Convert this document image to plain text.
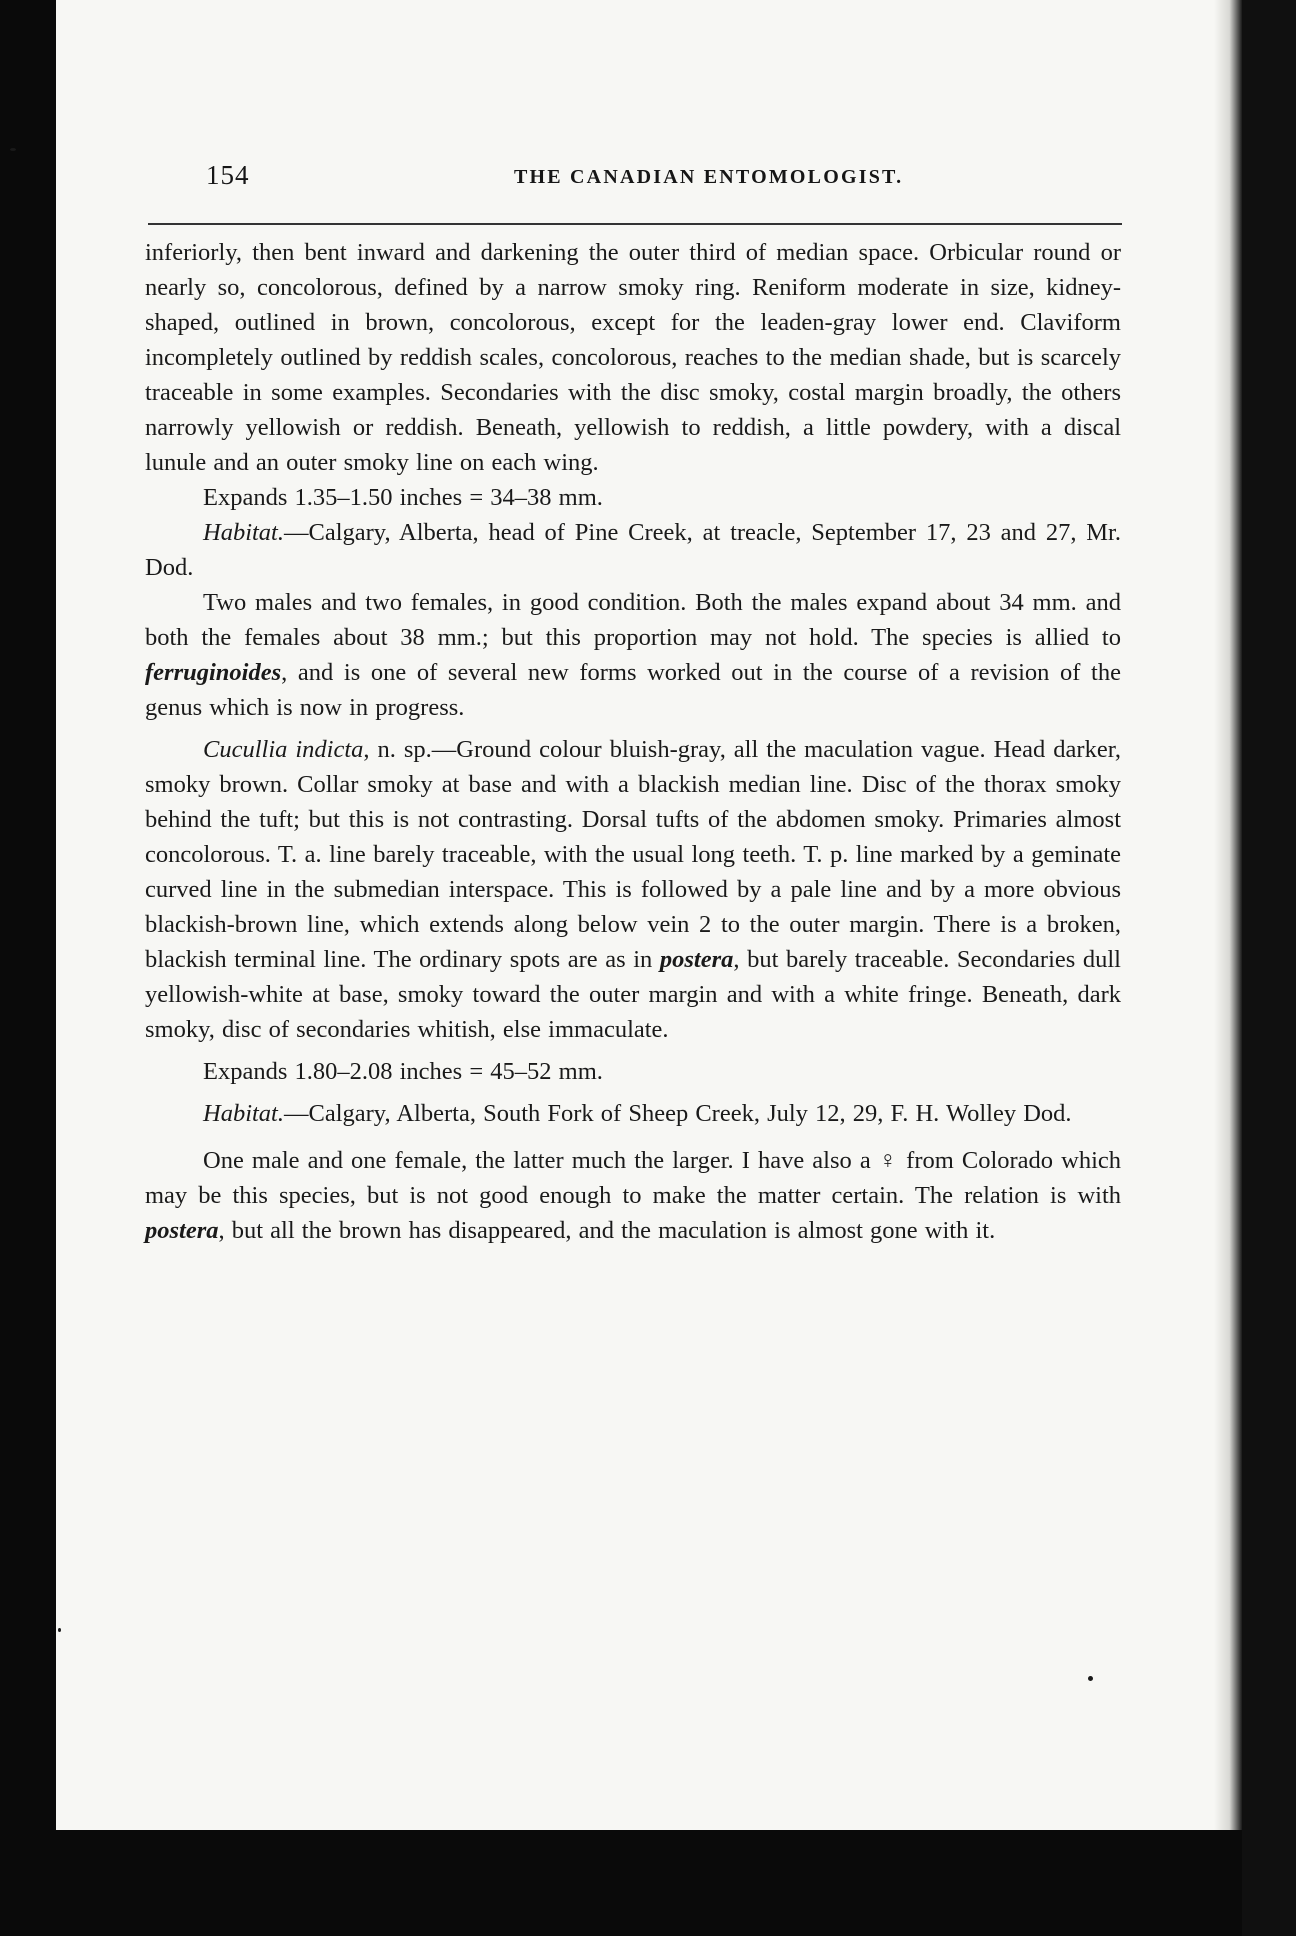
154	THE CANADIAN ENTOMOLOGIST.

inferiorly, then bent inward and darkening the outer third of median space. Orbicular round or nearly so, concolorous, defined by a narrow smoky ring. Reniform moderate in size, kidney-shaped, outlined in brown, concolorous, except for the leaden-gray lower end. Claviform incompletely outlined by reddish scales, concolorous, reaches to the median shade, but is scarcely traceable in some examples. Secondaries with the disc smoky, costal margin broadly, the others narrowly yellowish or reddish. Beneath, yellowish to reddish, a little powdery, with a discal lunule and an outer smoky line on each wing.

Expands 1.35–1.50 inches = 34–38 mm.

Habitat.—Calgary, Alberta, head of Pine Creek, at treacle, September 17, 23 and 27, Mr. Dod.

Two males and two females, in good condition. Both the males expand about 34 mm. and both the females about 38 mm.; but this proportion may not hold. The species is allied to ferruginoides, and is one of several new forms worked out in the course of a revision of the genus which is now in progress.

Cucullia indicta, n. sp.—Ground colour bluish-gray, all the maculation vague. Head darker, smoky brown. Collar smoky at base and with a blackish median line. Disc of the thorax smoky behind the tuft; but this is not contrasting. Dorsal tufts of the abdomen smoky. Primaries almost concolorous. T. a. line barely traceable, with the usual long teeth. T. p. line marked by a geminate curved line in the submedian interspace. This is followed by a pale line and by a more obvious blackish-brown line, which extends along below vein 2 to the outer margin. There is a broken, blackish terminal line. The ordinary spots are as in postera, but barely traceable. Secondaries dull yellowish-white at base, smoky toward the outer margin and with a white fringe. Beneath, dark smoky, disc of secondaries whitish, else immaculate.

Expands 1.80–2.08 inches = 45–52 mm.

Habitat.—Calgary, Alberta, South Fork of Sheep Creek, July 12, 29, F. H. Wolley Dod.

One male and one female, the latter much the larger. I have also a ♀ from Colorado which may be this species, but is not good enough to make the matter certain. The relation is with postera, but all the brown has disappeared, and the maculation is almost gone with it.
